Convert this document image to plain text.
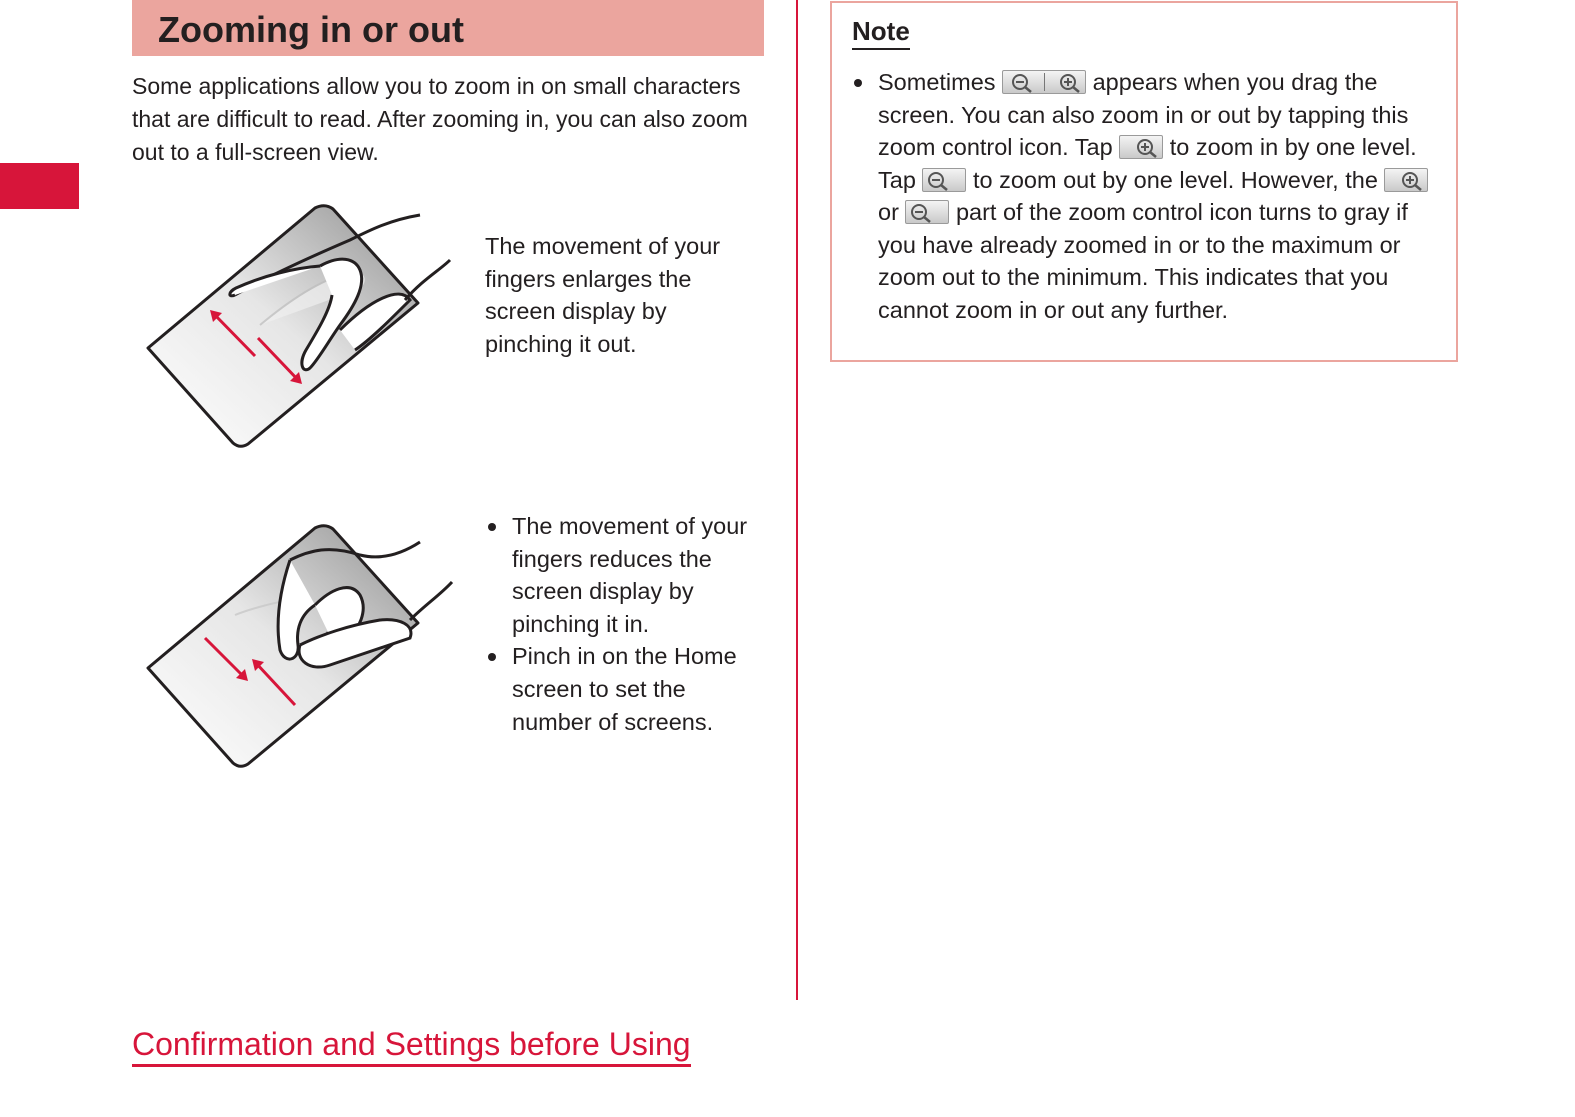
Zooming in or out

Some applications allow you to zoom in on small characters that are difficult to read. After zooming in, you can also zoom out to a full-screen view.

The movement of your fingers enlarges the screen display by pinching it out.

The movement of your fingers reduces the screen display by pinching it in.
Pinch in on the Home screen to set the number of screens.

Note

Sometimes	appears when you drag the screen. You can also zoom in or out by tapping this zoom control icon. Tap to zoom in by one level. Tap to zoom out by one level. However, the
or part of the zoom control icon turns to gray if you have already zoomed in or to the maximum or zoom out to the minimum. This indicates that you cannot zoom in or out any further.
Confirmation and Settings before Using
